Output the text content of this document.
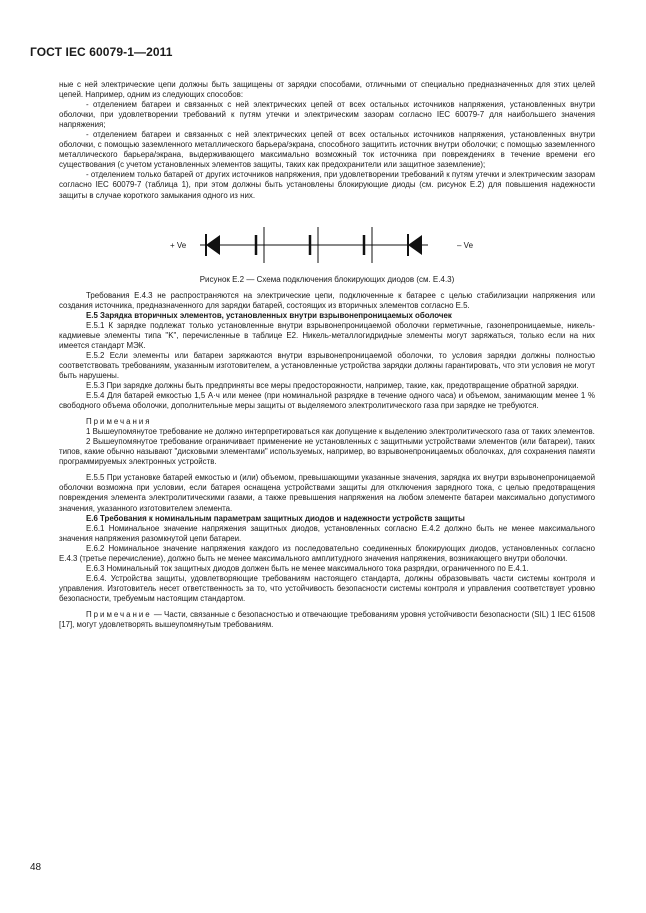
ГОСТ IEC 60079-1—2011

ные с ней электрические цепи должны быть защищены от зарядки способами, отличными от специально предназначенных для этих целей цепей. Например, одним из следующих способов:

- отделением батареи и связанных с ней электрических цепей от всех остальных источников напряжения, установленных внутри оболочки, при удовлетворении требований к путям утечки и электрическим зазорам согласно IEC 60079-7 для наибольшего значения напряжения;

- отделением батареи и связанных с ней электрических цепей от всех остальных источников напряжения, установленных внутри оболочки, с помощью заземленного металлического барьера/экрана, способного защитить источник внутри оболочки; с помощью заземленного металлического барьера/экрана, выдерживающего максимально возможный ток источника при повреждениях в течение времени его существования (с учетом установленных элементов защиты, таких как предохранители или защитное заземление);

- отделением только батарей от других источников напряжения, при удовлетворении требований к путям утечки и электрическим зазорам согласно IEC 60079-7 (таблица 1), при этом должны быть установлены блокирующие диоды (см. рисунок Е.2) для повышения надежности защиты в случае короткого замыкания одного из них.

+ Ve	– Ve
Рисунок Е.2 — Схема подключения блокирующих диодов (см. Е.4.3)

Требования Е.4.3 не распространяются на электрические цепи, подключенные к батарее с целью стабилизации напряжения или создания источника, предназначенного для зарядки батарей, состоящих из вторичных элементов согласно Е.5.

Е.5 Зарядка вторичных элементов, установленных внутри взрывонепроницаемых оболочек

Е.5.1 К зарядке подлежат только установленные внутри взрывонепроницаемой оболочки герметичные, газонепроницаемые, никель-кадмиевые элементы типа "K", перечисленные в таблице E2. Никель-металлогидридные элементы могут заряжаться, только если на них имеется стандарт МЭК.

Е.5.2 Если элементы или батареи заряжаются внутри взрывонепроницаемой оболочки, то условия зарядки должны полностью соответствовать требованиям, указанным изготовителем, а установленные устройства зарядки должны гарантировать, что эти условия не могут быть нарушены.

Е.5.3 При зарядке должны быть предприняты все меры предосторожности, например, такие, как, предотвращение обратной зарядки.

Е.5.4 Для батарей емкостью 1,5 А·ч или менее (при номинальной разрядке в течение одного часа) и объемом, занимающим менее 1 % свободного объема оболочки, дополнительные меры защиты от выделяемого электролитического газа при зарядке не требуются.

Примечания

1 Вышеупомянутое требование не должно интерпретироваться как допущение к выделению электролитического газа от таких элементов.

2 Вышеупомянутое требование ограничивает применение не установленных с защитными устройствами элементов (или батареи), таких типов, какие обычно называют "дисковыми элементами" используемых, например, во взрывонепроницаемых оболочках, для сохранения памяти программируемых электронных устройств.

Е.5.5 При установке батарей емкостью и (или) объемом, превышающими указанные значения, зарядка их внутри взрывонепроницаемой оболочки возможна при условии, если батарея оснащена устройствами защиты для отключения зарядного тока, с целью предотвращения повреждения элемента электролитическими газами, а также превышения напряжения на любом элементе батареи максимально допустимого значения, указанного изготовителем элемента.

Е.6 Требования к номинальным параметрам защитных диодов и надежности устройств защиты

Е.6.1 Номинальное значение напряжения защитных диодов, установленных согласно Е.4.2 должно быть не менее максимального значения напряжения разомкнутой цепи батареи.

Е.6.2 Номинальное значение напряжения каждого из последовательно соединенных блокирующих диодов, установленных согласно Е.4.3 (третье перечисление), должно быть не менее максимального амплитудного значения напряжения, возникающего внутри оболочки.

Е.6.3 Номинальный ток защитных диодов должен быть не менее максимального тока разрядки, ограниченного по Е.4.1.

Е.6.4. Устройства защиты, удовлетворяющие требованиям настоящего стандарта, должны образовывать части системы контроля и управления. Изготовитель несет ответственность за то, что устойчивость безопасности системы контроля и управления соответствует уровню безопасности, требуемым настоящим стандартом.

Примечание — Части, связанные с безопасностью и отвечающие требованиям уровня устойчивости безопасности (SIL) 1 IEC 61508 [17], могут удовлетворять вышеупомянутым требованиям.

48
